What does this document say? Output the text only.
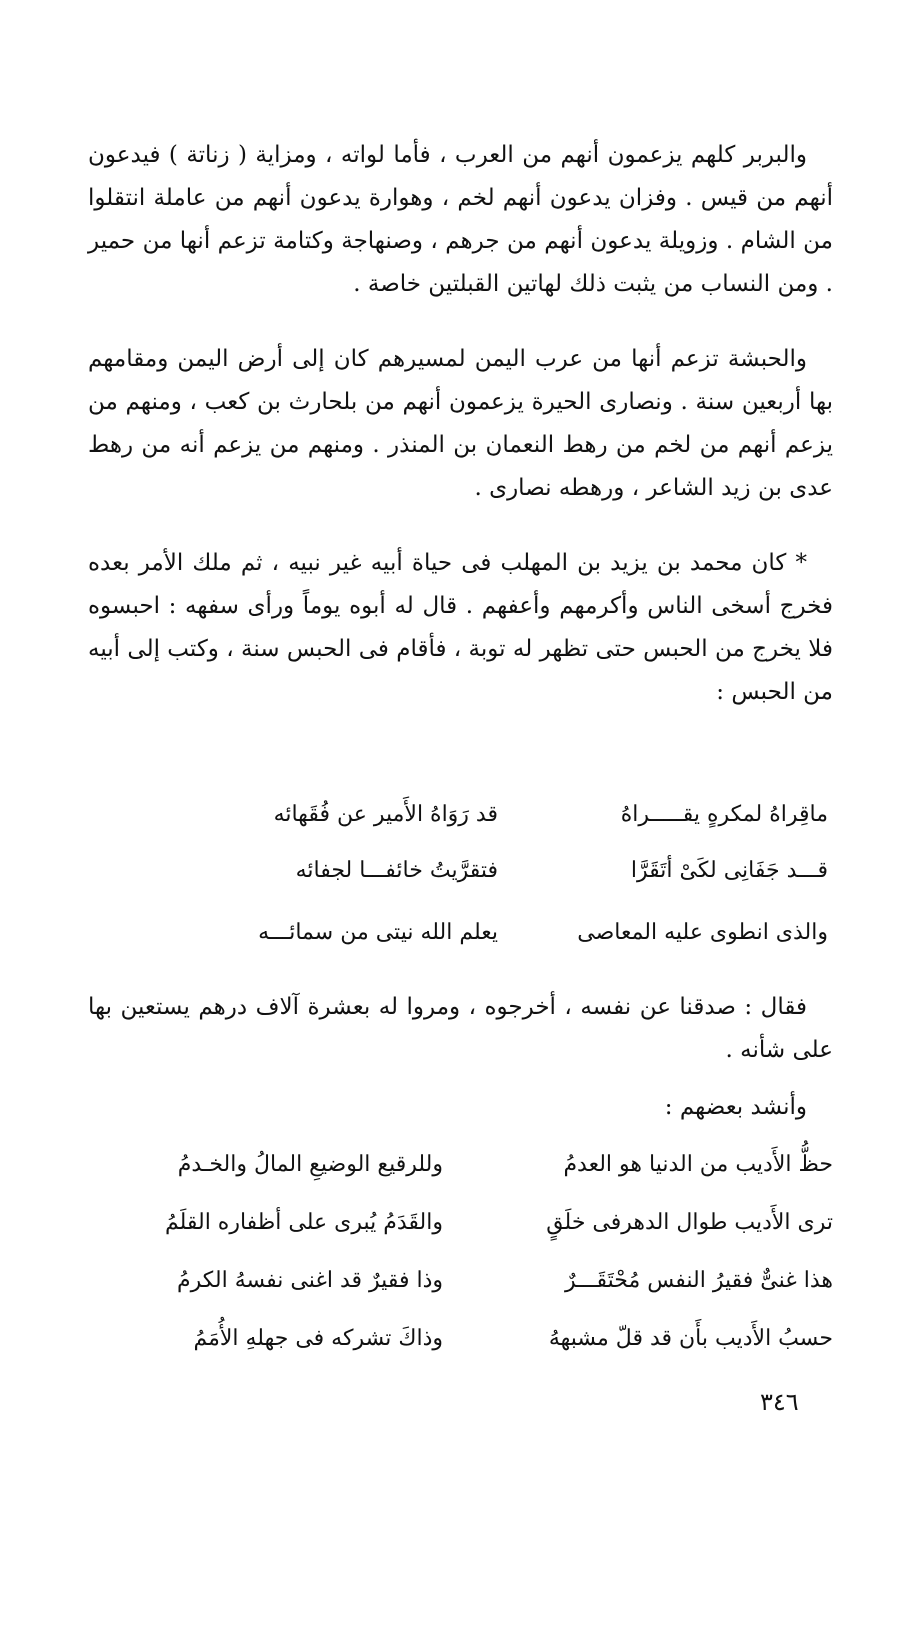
والبربر كلهم يزعمون أنهم من العرب ، فأما لواته ، ومزاية ( زناتة ) فيدعون أنهم من قيس . وفزان يدعون أنهم لخم ، وهوارة يدعون أنهم من عاملة انتقلوا من الشام . وزويلة يدعون أنهم من جرهم ، وصنهاجة وكتامة تزعم أنها من حمير . ومن النساب من يثبت ذلك لهاتين القبلتين خاصة .

والحبشة تزعم أنها من عرب اليمن لمسيرهم كان إلى أرض اليمن ومقامهم بها أربعين سنة . ونصارى الحيرة يزعمون أنهم من بلحارث بن كعب ، ومنهم من يزعم أنهم من لخم من رهط النعمان بن المنذر . ومنهم من يزعم أنه من رهط عدى بن زيد الشاعر ، ورهطه نصارى .

* كان محمد بن يزيد بن المهلب فى حياة أبيه غير نبيه ، ثم ملك الأمر بعده فخرج أسخى الناس وأكرمهم وأعفهم . قال له أبوه يوماً ورأى سفهه : احبسوه فلا يخرج من الحبس حتى تظهر له توبة ، فأقام فى الحبس سنة ، وكتب إلى أبيه من الحبس :

ماقِراهُ لمكرهٍ يقـــــراهُ
قد رَوَاهُ الأَمير عن فُقَهائه
قـــد جَفَانِى لكَىْ أتَقَرَّا
فتقرَّيتُ خائفـــا لجفائه
والذى انطوى عليه المعاصى
يعلم الله نيتى من سمائـــه

فقال : صدقنا عن نفسه ، أخرجوه ، ومروا له بعشرة آلاف درهم يستعين بها على شأنه .

وأنشد بعضهم :

حظُّ الأَديب من الدنيا هو العدمُ
وللرقيع الوضيعِ المالُ والخـدمُ
ترى الأَديب طوال الدهرفى خلَقٍ
والقَدَمُ يُبرى على أظفاره القلَمُ
هذا غنىٌّ فقيرُ النفس مُحْتَقَـــرٌ
وذا فقيرٌ قد اغنى نفسهُ الكرمُ
حسبُ الأَديب بأَن قد قلّ مشبههُ
وذاكَ تشركه فى جهلهِ الأُمَمُ
٣٤٦
